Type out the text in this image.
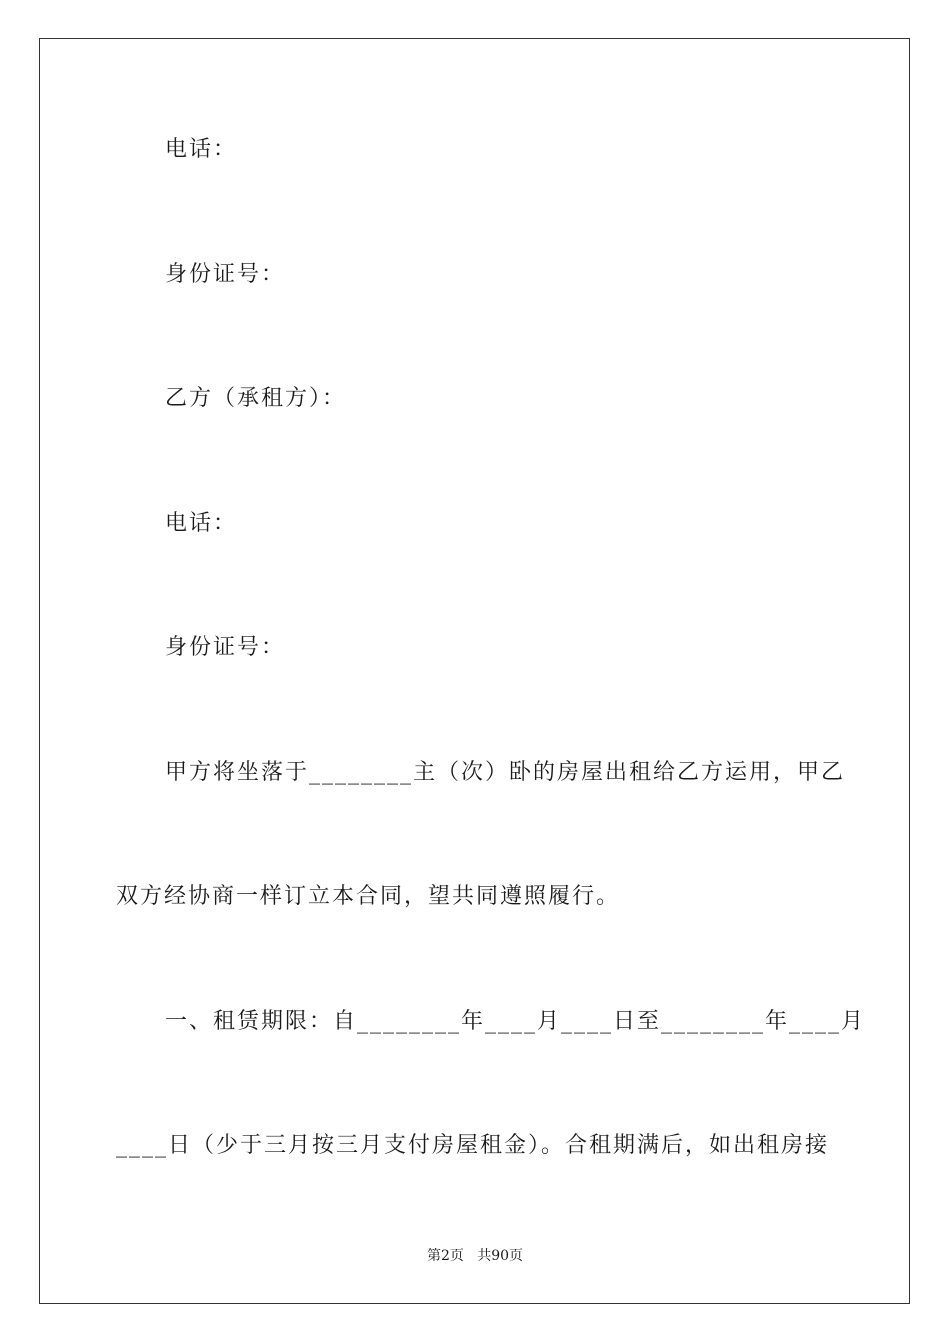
电话：
身份证号：
乙方（承租方）：
电话：
身份证号：
甲方将坐落于________主（次）卧的房屋出租给乙方运用，甲乙
双方经协商一样订立本合同，望共同遵照履行。
一、租赁期限：自________年____月____日至________年____月
____日（少于三月按三月支付房屋租金）。合租期满后，如出租房接
第2页   共90页
